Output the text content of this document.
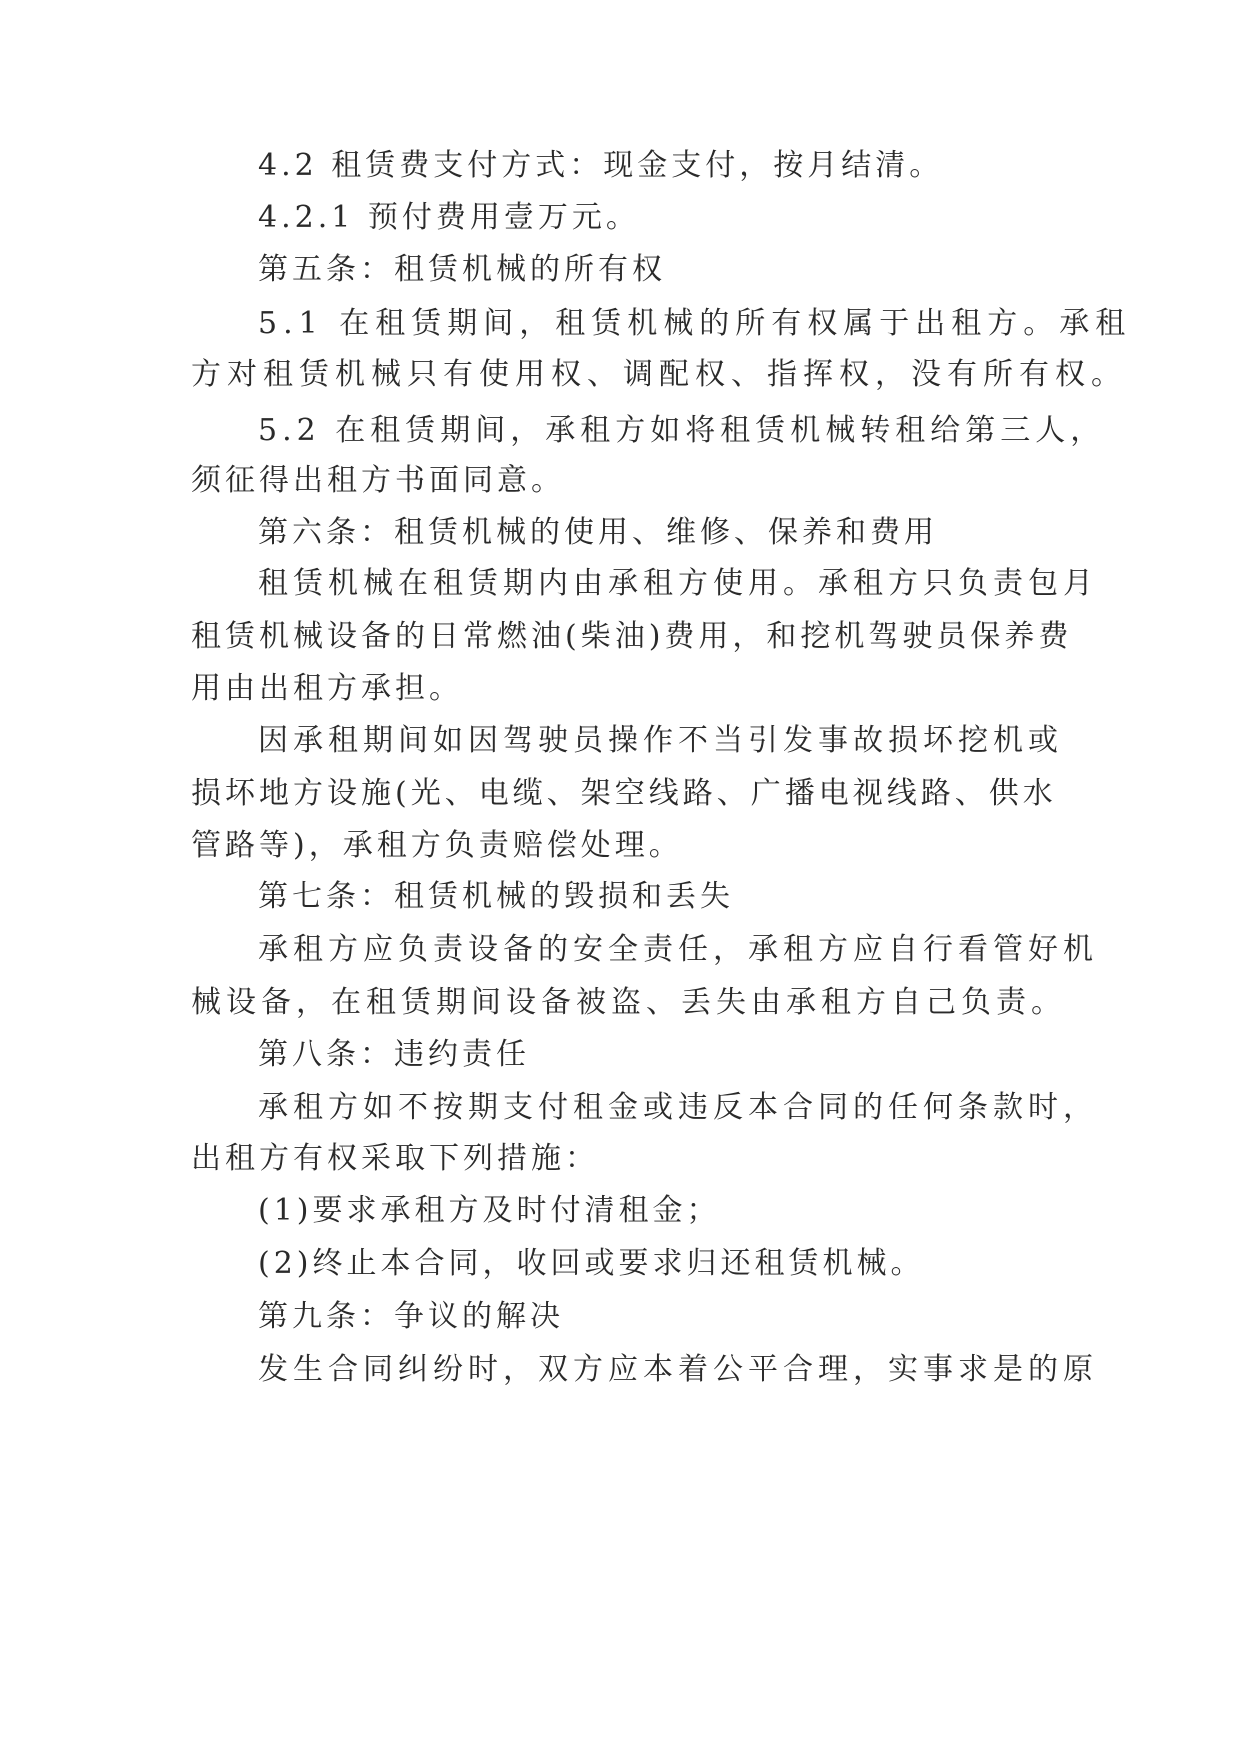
4.2 租赁费支付方式：现金支付，按月结清。

4.2.1 预付费用壹万元。

第五条：租赁机械的所有权

5.1 在租赁期间，租赁机械的所有权属于出租方。承租

方对租赁机械只有使用权、调配权、指挥权，没有所有权。

5.2 在租赁期间，承租方如将租赁机械转租给第三人，

须征得出租方书面同意。

第六条：租赁机械的使用、维修、保养和费用

租赁机械在租赁期内由承租方使用。承租方只负责包月

租赁机械设备的日常燃油(柴油)费用，和挖机驾驶员保养费

用由出租方承担。

因承租期间如因驾驶员操作不当引发事故损坏挖机或

损坏地方设施(光、电缆、架空线路、广播电视线路、供水

管路等)，承租方负责赔偿处理。

第七条：租赁机械的毁损和丢失

承租方应负责设备的安全责任，承租方应自行看管好机

械设备，在租赁期间设备被盗、丢失由承租方自己负责。

第八条：违约责任

承租方如不按期支付租金或违反本合同的任何条款时，

出租方有权采取下列措施：

(1)要求承租方及时付清租金；

(2)终止本合同，收回或要求归还租赁机械。

第九条：争议的解决

发生合同纠纷时，双方应本着公平合理，实事求是的原
